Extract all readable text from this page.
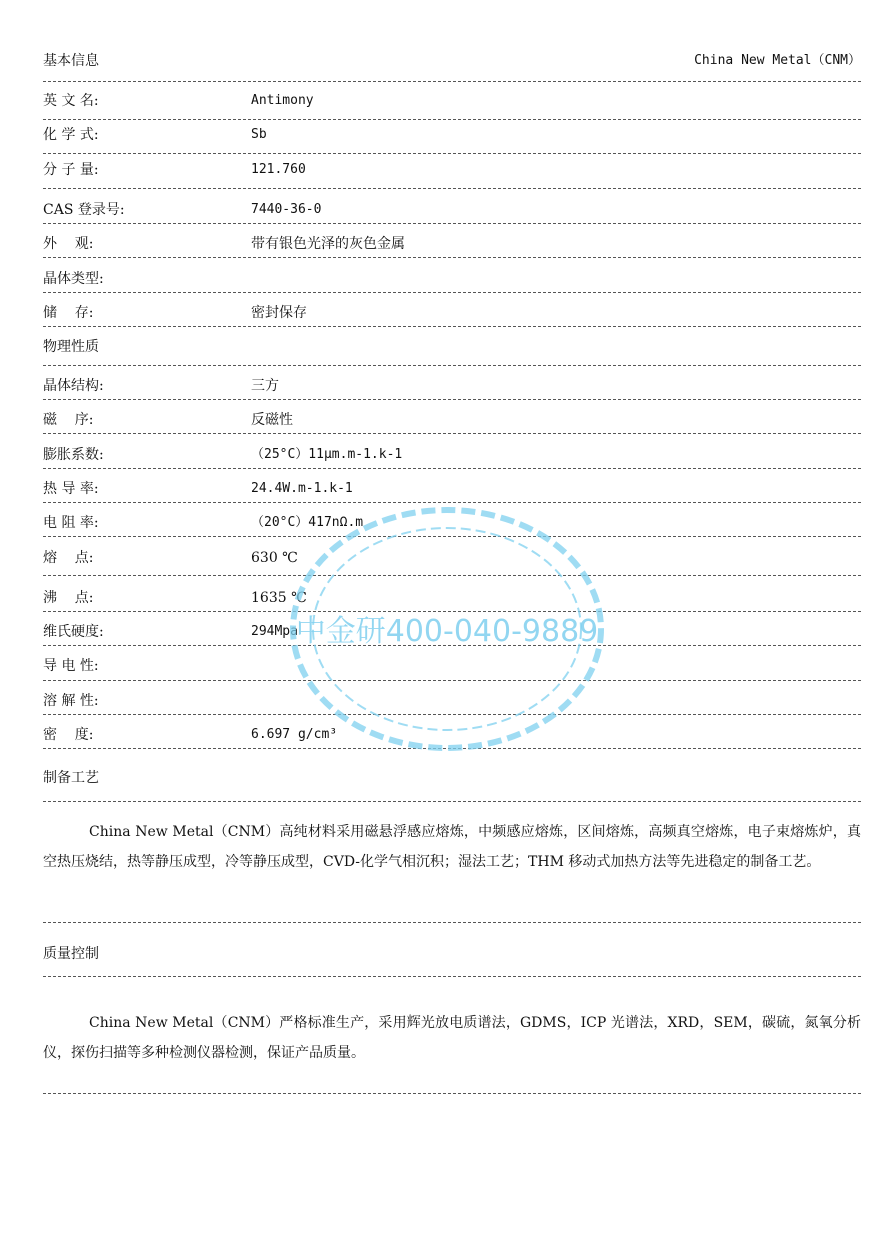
基本信息	China New Metal（CNM）
英 文 名:	Antimony
化 学 式:	Sb
分 子 量:	121.760
CAS 登录号:	7440-36-0
外    观:	带有银色光泽的灰色金属
晶体类型:
储    存:	密封保存
物理性质
晶体结构:	三方
磁    序:	反磁性
膨胀系数:	（25°C）11µm.m-1.k-1
热 导 率:	24.4W.m-1.k-1
电 阻 率:	（20°C）417nΩ.m
熔    点:	630 ℃
沸    点:	1635 ℃
维氏硬度:	294Mpa
导 电 性:
溶 解 性:
密    度:	6.697 g/cm³
制备工艺
China New Metal（CNM）高纯材料采用磁悬浮感应熔炼，中频感应熔炼，区间熔炼，高频真空熔炼，电子束熔炼炉，真空热压烧结，热等静压成型，冷等静压成型，CVD-化学气相沉积；湿法工艺；THM 移动式加热方法等先进稳定的制备工艺。
质量控制
China New Metal（CNM）严格标准生产，采用辉光放电质谱法，GDMS，ICP 光谱法，XRD，SEM，碳硫，氮氧分析仪，探伤扫描等多种检测仪器检测，保证产品质量。
中金研400-040-9889
